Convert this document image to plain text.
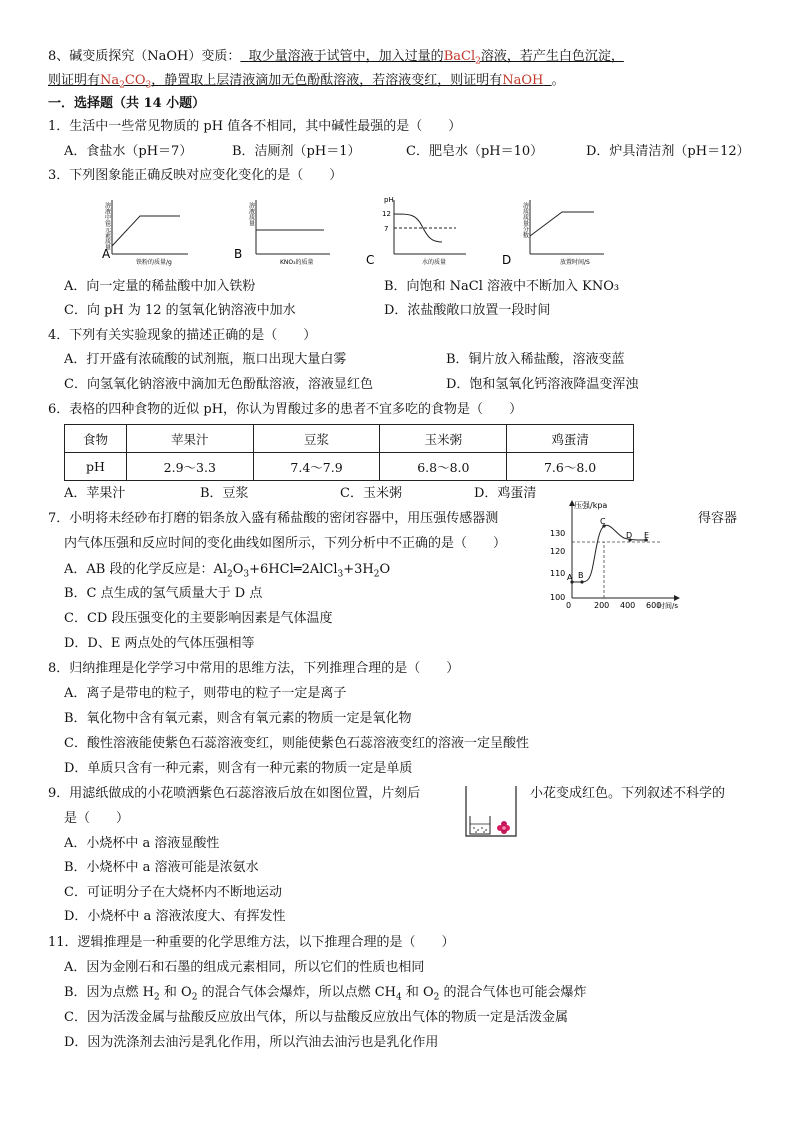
8、碱变质探究（NaOH）变质： 取少量溶液于试管中，加入过量的BaCl$_2$溶液，若产生白色沉淀，
则证明有$Na_2CO_3$，静置取上层清液滴加无色酚酞溶液，若溶液变红，则证明有NaOH 。
一．选择题（共 14 小题）
1．生活中一些常见物质的 pH 值各不相同，其中碱性最强的是（　　）
A．食盐水（pH＝7）	B．洁厕剂（pH＝1）	C．肥皂水（pH＝10）	D．炉具清洁剂（pH＝12）
3．下列图象能正确反映对应变化变化的是（　　）
A
铁粉的质量/g
溶液中铁元素质量
B
KNO₃的质量
溶液质量
pH
12
7
C	水的质量	D	放置时间/S
溶质质量分数
A．向一定量的稀盐酸中加入铁粉	B．向饱和 NaCl 溶液中不断加入 KNO₃
C．向 pH 为 12 的氢氧化钠溶液中加水	D．浓盐酸敞口放置一段时间
4．下列有关实验现象的描述正确的是（　　）
A．打开盛有浓硫酸的试剂瓶，瓶口出现大量白雾	B．铜片放入稀盐酸，溶液变蓝
C．向氢氧化钠溶液中滴加无色酚酞溶液，溶液显红色	D．饱和氢氧化钙溶液降温变浑浊
6．表格的四种食物的近似 pH，你认为胃酸过多的患者不宜多吃的食物是（　　）
食物	苹果汁	豆浆	玉米粥	鸡蛋清
pH	2.9～3.3	7.4～7.9	6.8～8.0	7.6～8.0
A．苹果汁	B．豆浆	C．玉米粥	D．鸡蛋清
7．小明将未经砂布打磨的铝条放入盛有稀盐酸的密闭容器中，用压强传感器测	得容器
内气体压强和反应时间的变化曲线如图所示，下列分析中不正确的是（　　）
A．AB 段的化学反应是：$Al_2O_3+6HCl═2AlCl_3+3H_2O$
B．C 点生成的氢气质量大于 D 点
C．CD 段压强变化的主要影响因素是气体温度
D．D、E 两点处的气体压强相等
压强/kpa
时间/s
130
120
110
100
0	200 400 600
A B
C
D E
8．归纳推理是化学学习中常用的思维方法，下列推理合理的是（　　）
A．离子是带电的粒子，则带电的粒子一定是离子
B．氧化物中含有氧元素，则含有氧元素的物质一定是氧化物
C．酸性溶液能使紫色石蕊溶液变红，则能使紫色石蕊溶液变红的溶液一定呈酸性
D．单质只含有一种元素，则含有一种元素的物质一定是单质
9．用滤纸做成的小花喷洒紫色石蕊溶液后放在如图位置，片刻后	小花变成红色。下列叙述不科学的
是（　　）
A．小烧杯中 a 溶液显酸性
B．小烧杯中 a 溶液可能是浓氨水
C．可证明分子在大烧杯内不断地运动
D．小烧杯中 a 溶液浓度大、有挥发性
11．逻辑推理是一种重要的化学思维方法，以下推理合理的是（　　）
A．因为金刚石和石墨的组成元素相同，所以它们的性质也相同
B．因为点燃 $H_2$ 和 $O_2$ 的混合气体会爆炸，所以点燃 $CH_4$ 和 $O_2$ 的混合气体也可能会爆炸
C．因为活泼金属与盐酸反应放出气体，所以与盐酸反应放出气体的物质一定是活泼金属
D．因为洗涤剂去油污是乳化作用，所以汽油去油污也是乳化作用
